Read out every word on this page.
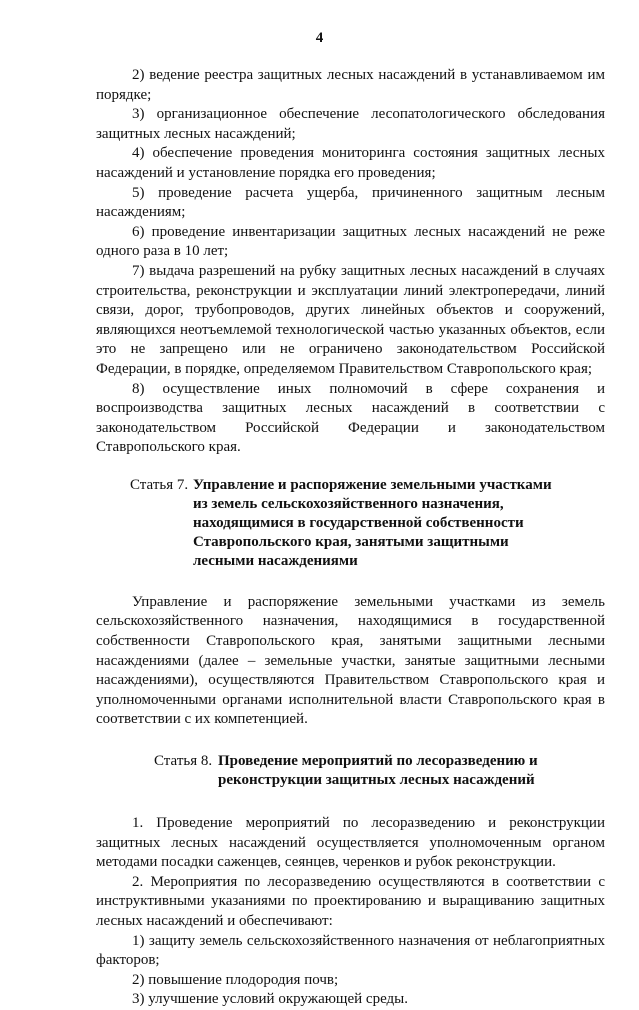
4

2) ведение реестра защитных лесных насаждений в устанавливаемом им порядке;

3) организационное обеспечение лесопатологического обследования защитных лесных насаждений;

4) обеспечение проведения мониторинга состояния защитных лесных насаждений и установление порядка его проведения;

5) проведение расчета ущерба, причиненного защитным лесным насаждениям;

6) проведение инвентаризации защитных лесных насаждений не реже одного раза в 10 лет;

7) выдача разрешений на рубку защитных лесных насаждений в случаях строительства, реконструкции и эксплуатации линий электропередачи, линий связи, дорог, трубопроводов, других линейных объектов и сооружений, являющихся неотъемлемой технологической частью указанных объектов, если это не запрещено или не ограничено законодательством Российской Федерации, в порядке, определяемом Правительством Ставропольского края;

8) осуществление иных полномочий в сфере сохранения и воспроизводства защитных лесных насаждений в соответствии с законодательством Российской Федерации и законодательством Ставропольского края.

Статья 7. Управление и распоряжение земельными участками из земель сельскохозяйственного назначения, находящимися в государственной собственности Ставропольского края, занятыми защитными лесными насаждениями

Управление и распоряжение земельными участками из земель сельскохозяйственного назначения, находящимися в государственной собственности Ставропольского края, занятыми защитными лесными насаждениями (далее – земельные участки, занятые защитными лесными насаждениями), осуществляются Правительством Ставропольского края и уполномоченными органами исполнительной власти Ставропольского края в соответствии с их компетенцией.

Статья 8. Проведение мероприятий по лесоразведению и реконструкции защитных лесных насаждений

1. Проведение мероприятий по лесоразведению и реконструкции защитных лесных насаждений осуществляется уполномоченным органом методами посадки саженцев, сеянцев, черенков и рубок реконструкции.

2. Мероприятия по лесоразведению осуществляются в соответствии с инструктивными указаниями по проектированию и выращиванию защитных лесных насаждений и обеспечивают:

1) защиту земель сельскохозяйственного назначения от неблагоприятных факторов;

2) повышение плодородия почв;

3) улучшение условий окружающей среды.
